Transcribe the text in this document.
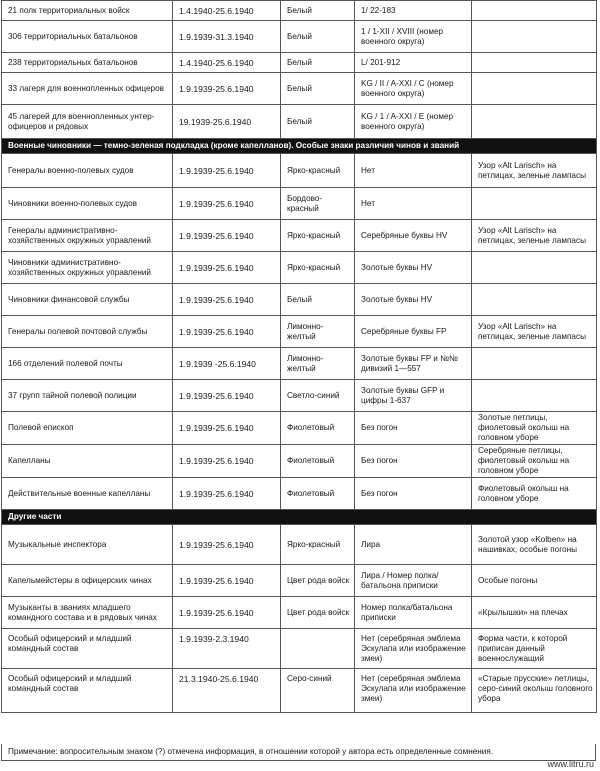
21 полк территориальных войск	1.4.1940-25.6.1940	Белый	1/ 22-183	
306 территориальных батальонов	1.9.1939-31.3.1940	Белый	1 / 1-XII / XVIII (номер военного округа)	
238 территориальных батальонов	1.4.1940-25.6.1940	Белый	L/ 201-912	
33 лагеря для военнопленных офицеров	1.9.1939-25.6.1940	Белый	KG / II / A-XXI / C (номер военного округа)	
45 лагерей для военнопленных унтер-офицеров и рядовых	19.1939-25.6.1940	Белый	KG / 1 / A-XXI / E (номер военного округа)	
Военные чиновники — темно-зеленая подкладка (кроме капелланов). Особые знаки различия чинов и званий				
Генералы военно-полевых судов	1.9.1939-25.6.1940	Ярко-красный	Нет	Узор «Alt Larisch» на петлицах, зеленые лампасы
Чиновники военно-полевых судов	1.9.1939-25.6.1940	Бордово-красный	Нет	
Генералы административно-хозяйственных окружных управлений	1.9.1939-25.6.1940	Ярко-красный	Серебряные буквы HV	Узор «Alt Larisch» на петлицах, зеленые лампасы
Чиновники административно-хозяйственных окружных управлений	1.9.1939-25.6.1940	Ярко-красный	Золотые буквы HV	
Чиновники финансовой службы	1.9.1939-25.6.1940	Белый	Золотые буквы HV	
Генералы полевой почтовой службы	1.9.1939-25.6.1940	Лимонно-желтый	Серебряные буквы FP	Узор «Alt Larisch» на петлицах, зеленые лампасы
166 отделений полевой почты	1.9.1939 -25.6.1940	Лимонно-желтый	Золотые буквы FP и №№ дивизий 1—557	
37 групп тайной полевой полиции	1.9.1939-25.6.1940	Светло-синий	Золотые буквы GFP и цифры 1-637	
Полевой епископ	1.9.1939-25.6.1940	Фиолетовый	Без погон	Золотые петлицы, фиолетовый околыш на головном уборе
Капелланы	1.9.1939-25.6.1940	Фиолетовый	Без погон	Серебряные петлицы, фиолетовый околыш на головном уборе
Действительные военные капелланы	1.9.1939-25.6.1940	Фиолетовый	Без погон	Фиолетовый околыш на головном уборе
Другие части				
Музыкальные инспектора	1.9.1939-25.6.1940	Ярко-красный	Лира	Золотой узор «Kolben» на нашивках, особые погоны
Капельмейстеры в офицерских чинах	1.9.1939-25.6.1940	Цвет рода войск	Лира / Номер полка/батальона приписки	Особые погоны
Музыканты в званиях младшего командного состава и в рядовых чинах	1.9.1939-25.6.1940	Цвет рода войск	Номер полка/батальона приписки	«Крылышки» на плечах
Особый офицерский и младший командный состав	1.9.1939-2.3.1940		Нет (серебряная эмблема Эскулапа или изображение змеи)	Форма части, к которой приписан данный военнослужащий
Особый офицерский и младший командный состав	21.3.1940-25.6.1940	Серо-синий	Нет (серебряная эмблема Эскулапа или изображение змеи)	«Старые прусские» петлицы, серо-синий околыш головного убора
Примечание: вопросительным знаком (?) отмечена информация, в отношении которой у автора есть определенные сомнения.
www.litru.ru
